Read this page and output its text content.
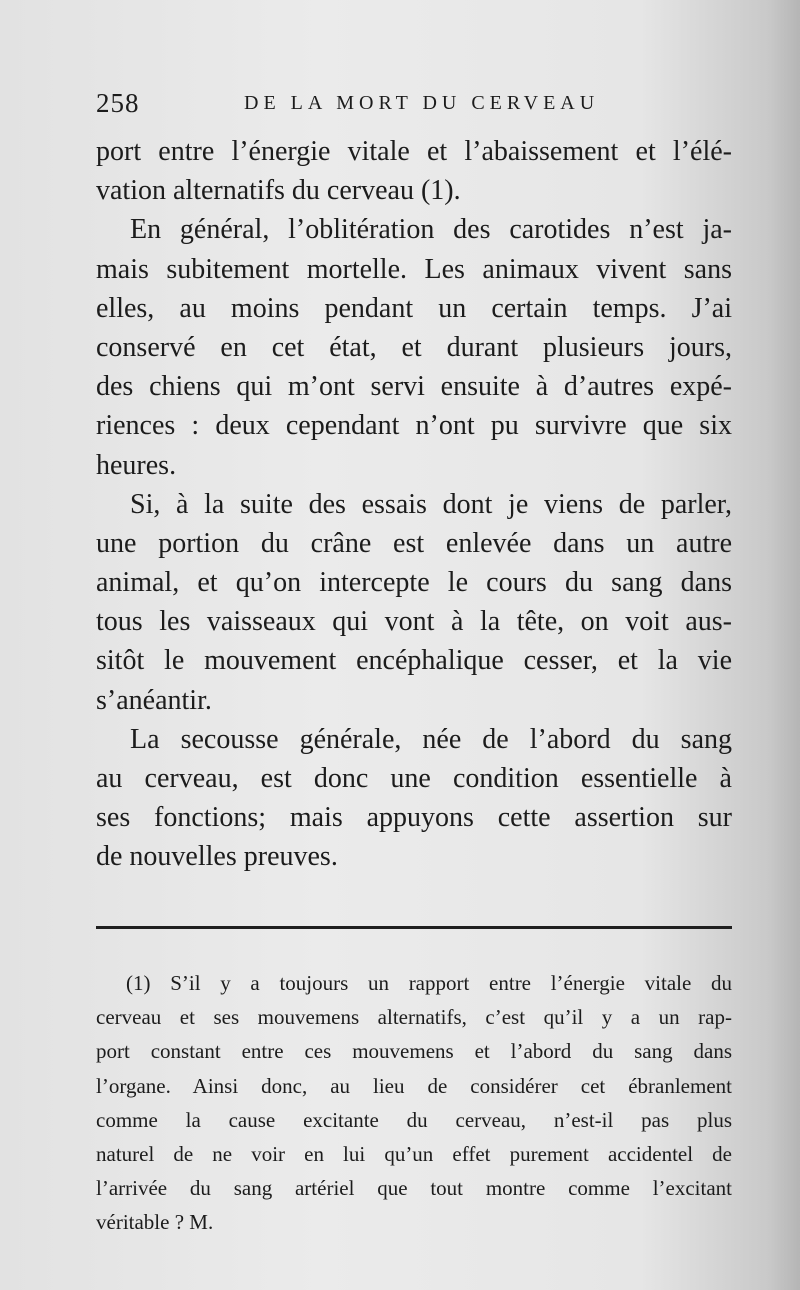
258	DE LA MORT DU CERVEAU
port entre l’énergie vitale et l’abaissement et l’élé-
vation alternatifs du cerveau (1).
En général, l’oblitération des carotides n’est ja-
mais subitement mortelle. Les animaux vivent sans
elles, au moins pendant un certain temps. J’ai
conservé en cet état, et durant plusieurs jours,
des chiens qui m’ont servi ensuite à d’autres expé-
riences : deux cependant n’ont pu survivre que six
heures.
Si, à la suite des essais dont je viens de parler,
une portion du crâne est enlevée dans un autre
animal, et qu’on intercepte le cours du sang dans
tous les vaisseaux qui vont à la tête, on voit aus-
sitôt le mouvement encéphalique cesser, et la vie
s’anéantir.
La secousse générale, née de l’abord du sang
au cerveau, est donc une condition essentielle à
ses fonctions; mais appuyons cette assertion sur
de nouvelles preuves.
(1) S’il y a toujours un rapport entre l’énergie vitale du
cerveau et ses mouvemens alternatifs, c’est qu’il y a un rap-
port constant entre ces mouvemens et l’abord du sang dans
l’organe. Ainsi donc, au lieu de considérer cet ébranlement
comme la cause excitante du cerveau, n’est-il pas plus
naturel de ne voir en lui qu’un effet purement accidentel de
l’arrivée du sang artériel que tout montre comme l’excitant
véritable ? M.
